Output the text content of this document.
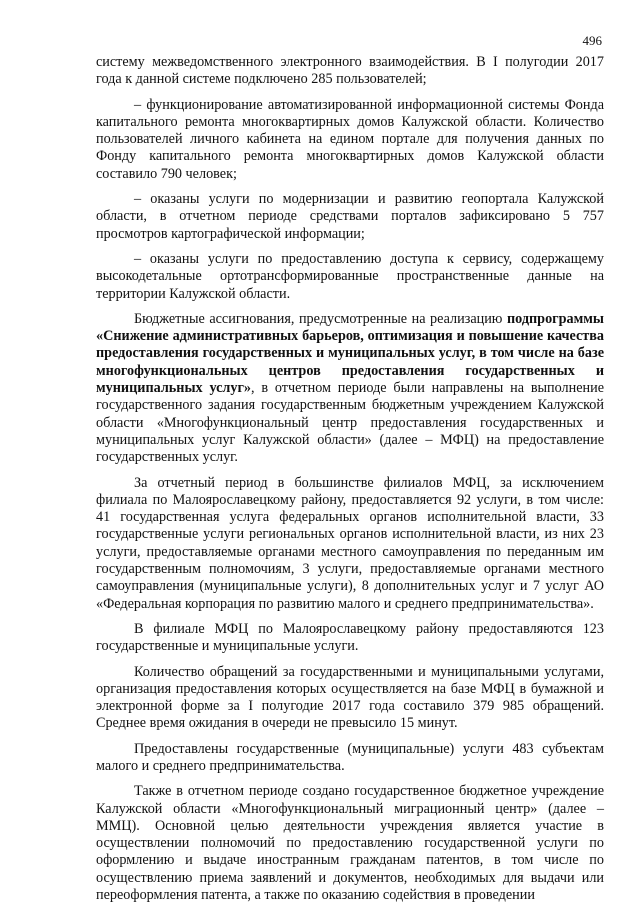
496

систему межведомственного электронного взаимодействия. В I полугодии 2017 года к данной системе подключено 285 пользователей;

– функционирование автоматизированной информационной системы Фонда капитального ремонта многоквартирных домов Калужской области. Количество пользователей личного кабинета на едином портале для получения данных по Фонду капитального ремонта многоквартирных домов Калужской области составило 790 человек;

– оказаны услуги по модернизации и развитию геопортала Калужской области, в отчетном периоде средствами порталов зафиксировано 5 757 просмотров картографической информации;

– оказаны услуги по предоставлению доступа к сервису, содержащему высокодетальные ортотрансформированные пространственные данные на территории Калужской области.

Бюджетные ассигнования, предусмотренные на реализацию подпрограммы «Снижение административных барьеров, оптимизация и повышение качества предоставления государственных и муниципальных услуг, в том числе на базе многофункциональных центров предоставления государственных и муниципальных услуг», в отчетном периоде были направлены на выполнение государственного задания государственным бюджетным учреждением Калужской области «Многофункциональный центр предоставления государственных и муниципальных услуг Калужской области» (далее – МФЦ) на предоставление государственных услуг.

За отчетный период в большинстве филиалов МФЦ, за исключением филиала по Малоярославецкому району, предоставляется 92 услуги, в том числе: 41 государственная услуга федеральных органов исполнительной власти, 33 государственные услуги региональных органов исполнительной власти, из них 23 услуги, предоставляемые органами местного самоуправления по переданным им государственным полномочиям, 3 услуги, предоставляемые органами местного самоуправления (муниципальные услуги), 8 дополнительных услуг и 7 услуг АО «Федеральная корпорация по развитию малого и среднего предпринимательства».

В филиале МФЦ по Малоярославецкому району предоставляются 123 государственные и муниципальные услуги.

Количество обращений за государственными и муниципальными услугами, организация предоставления которых осуществляется на базе МФЦ в бумажной и электронной форме за I полугодие 2017 года составило 379 985 обращений. Среднее время ожидания в очереди не превысило 15 минут.

Предоставлены государственные (муниципальные) услуги 483 субъектам малого и среднего предпринимательства.

Также в отчетном периоде создано государственное бюджетное учреждение Калужской области «Многофункциональный миграционный центр» (далее – ММЦ). Основной целью деятельности учреждения является участие в осуществлении полномочий по предоставлению государственной услуги по оформлению и выдаче иностранным гражданам патентов, в том числе по осуществлению приема заявлений и документов, необходимых для выдачи или переоформления патента, а также по оказанию содействия в проведении
